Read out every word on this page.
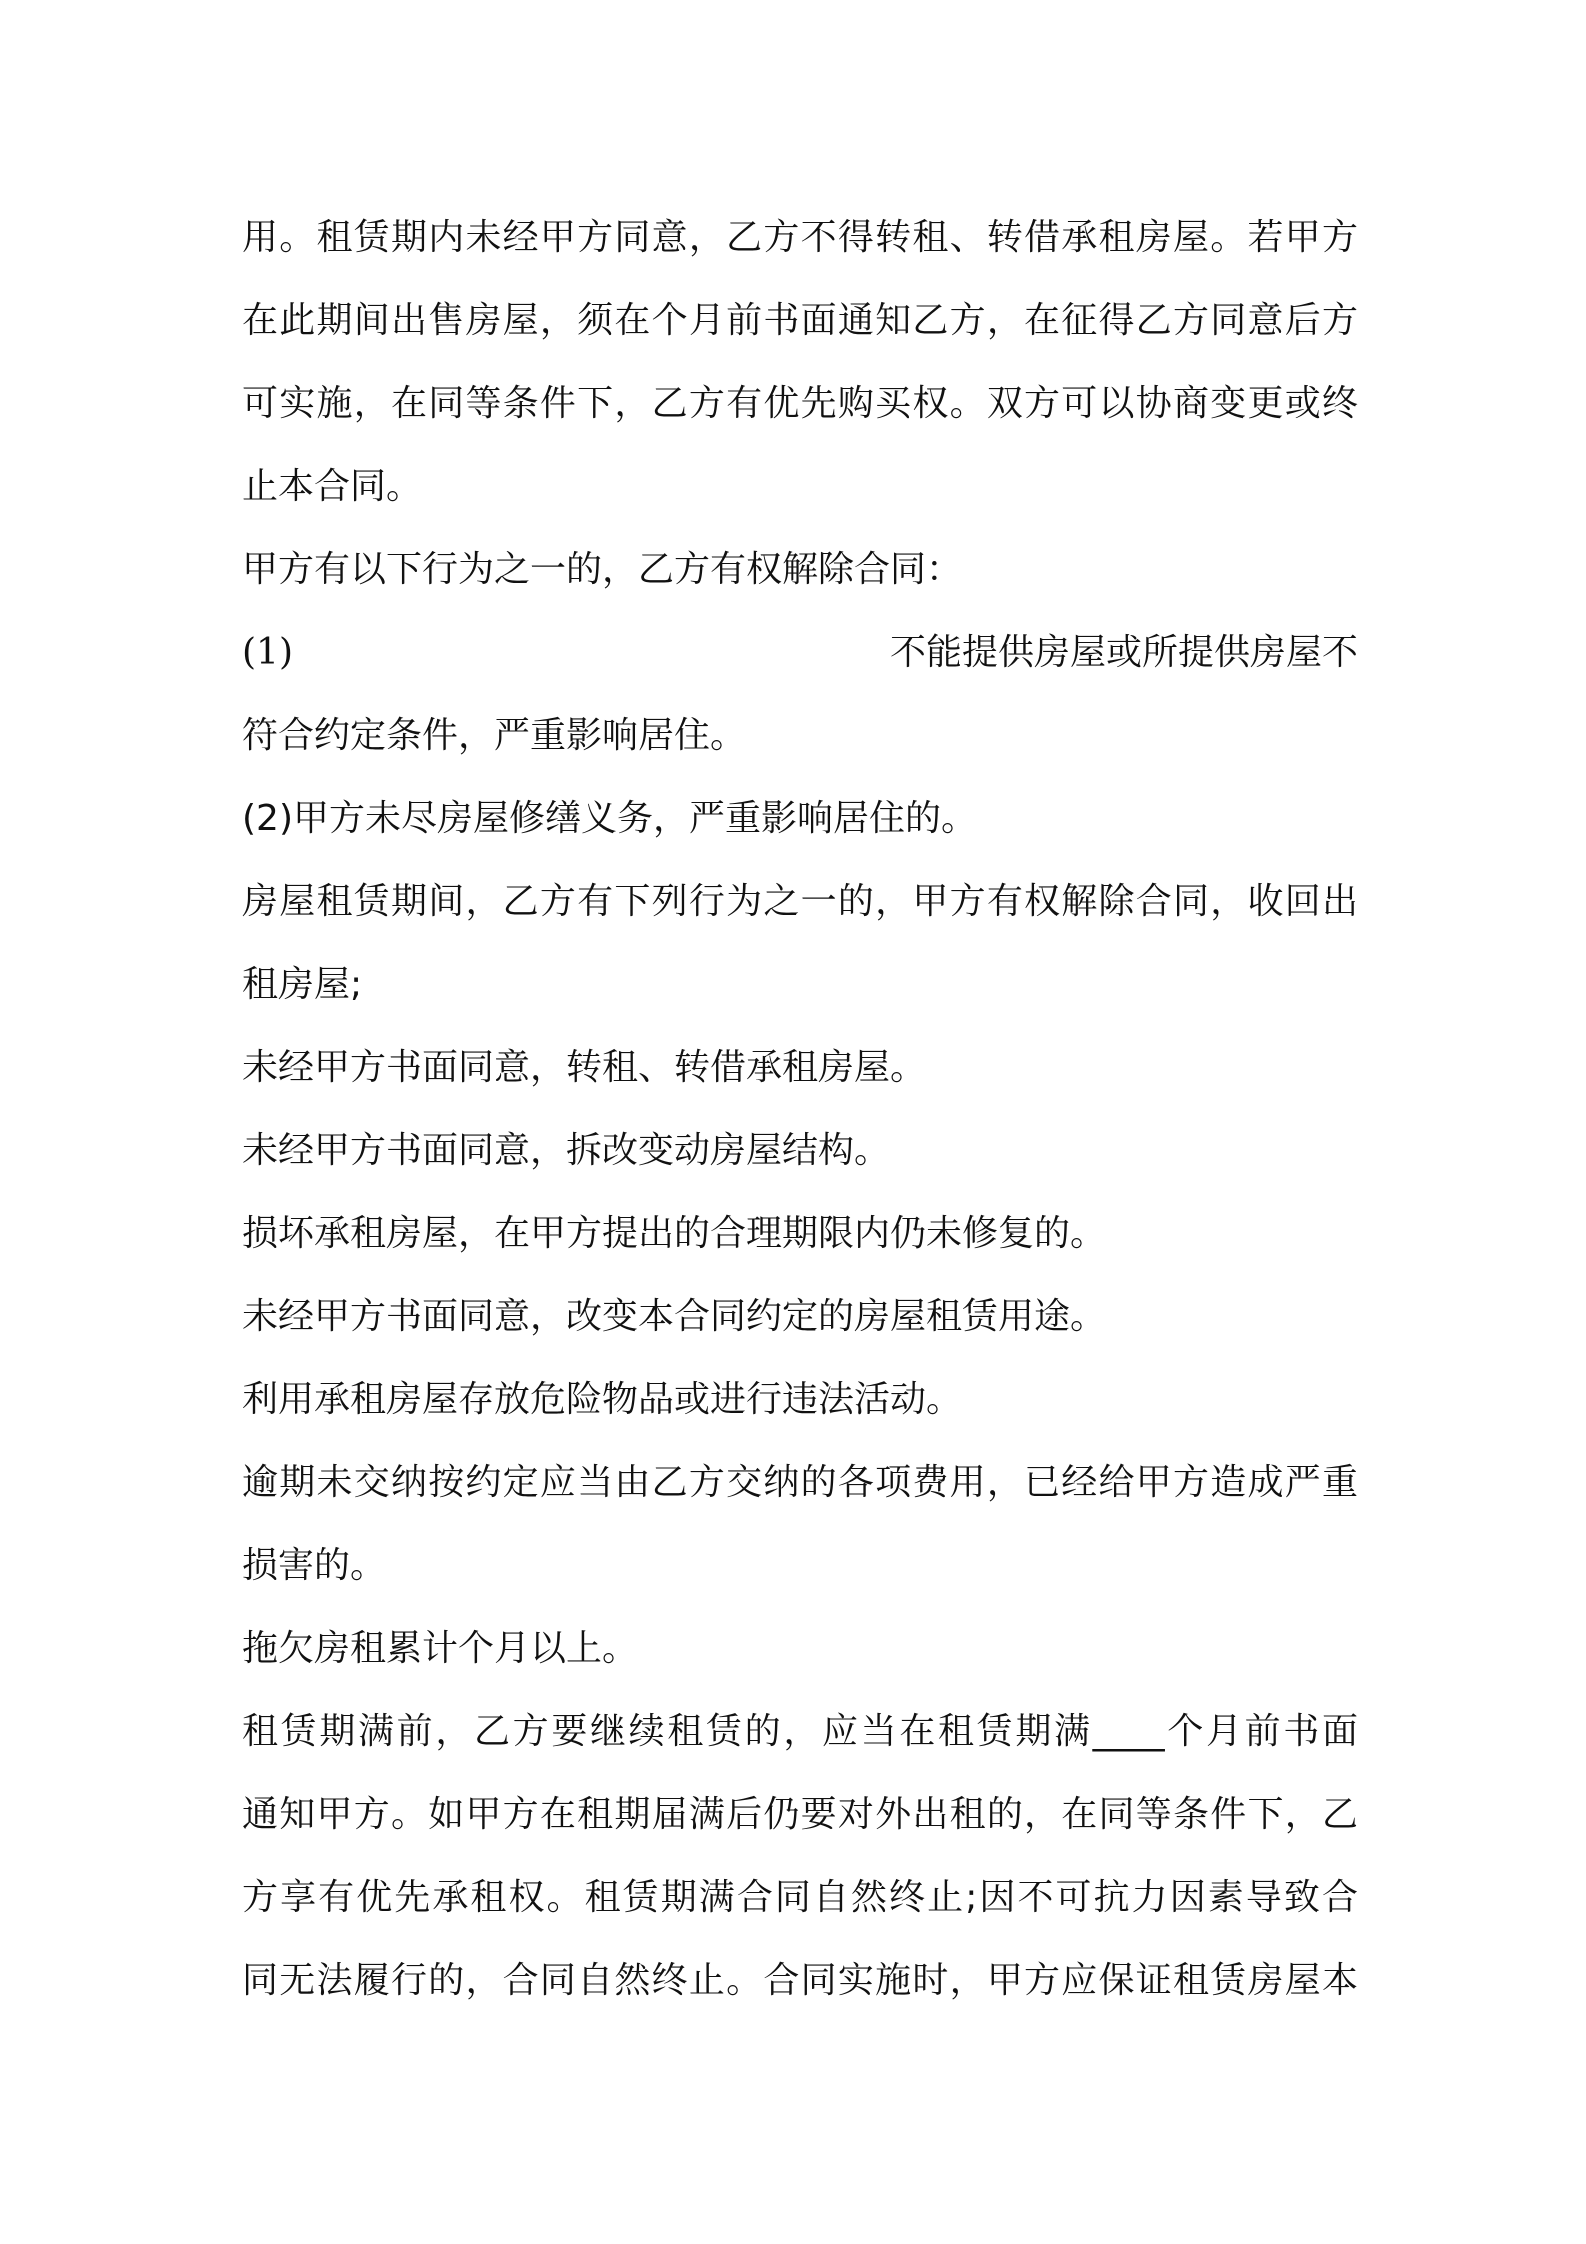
用。租赁期内未经甲方同意，乙方不得转租、转借承租房屋。若甲方
在此期间出售房屋，须在个月前书面通知乙方，在征得乙方同意后方
可实施，在同等条件下，乙方有优先购买权。双方可以协商变更或终
止本合同。
甲方有以下行为之一的，乙方有权解除合同：
(1)	不能提供房屋或所提供房屋不
符合约定条件，严重影响居住。
(2)甲方未尽房屋修缮义务，严重影响居住的。
房屋租赁期间，乙方有下列行为之一的，甲方有权解除合同，收回出
租房屋;
未经甲方书面同意，转租、转借承租房屋。
未经甲方书面同意，拆改变动房屋结构。
损坏承租房屋，在甲方提出的合理期限内仍未修复的。
未经甲方书面同意，改变本合同约定的房屋租赁用途。
利用承租房屋存放危险物品或进行违法活动。
逾期未交纳按约定应当由乙方交纳的各项费用，已经给甲方造成严重
损害的。
拖欠房租累计个月以上。
租赁期满前，乙方要继续租赁的，应当在租赁期满____个月前书面
通知甲方。如甲方在租期届满后仍要对外出租的，在同等条件下，乙
方享有优先承租权。租赁期满合同自然终止;因不可抗力因素导致合
同无法履行的，合同自然终止。合同实施时，甲方应保证租赁房屋本
